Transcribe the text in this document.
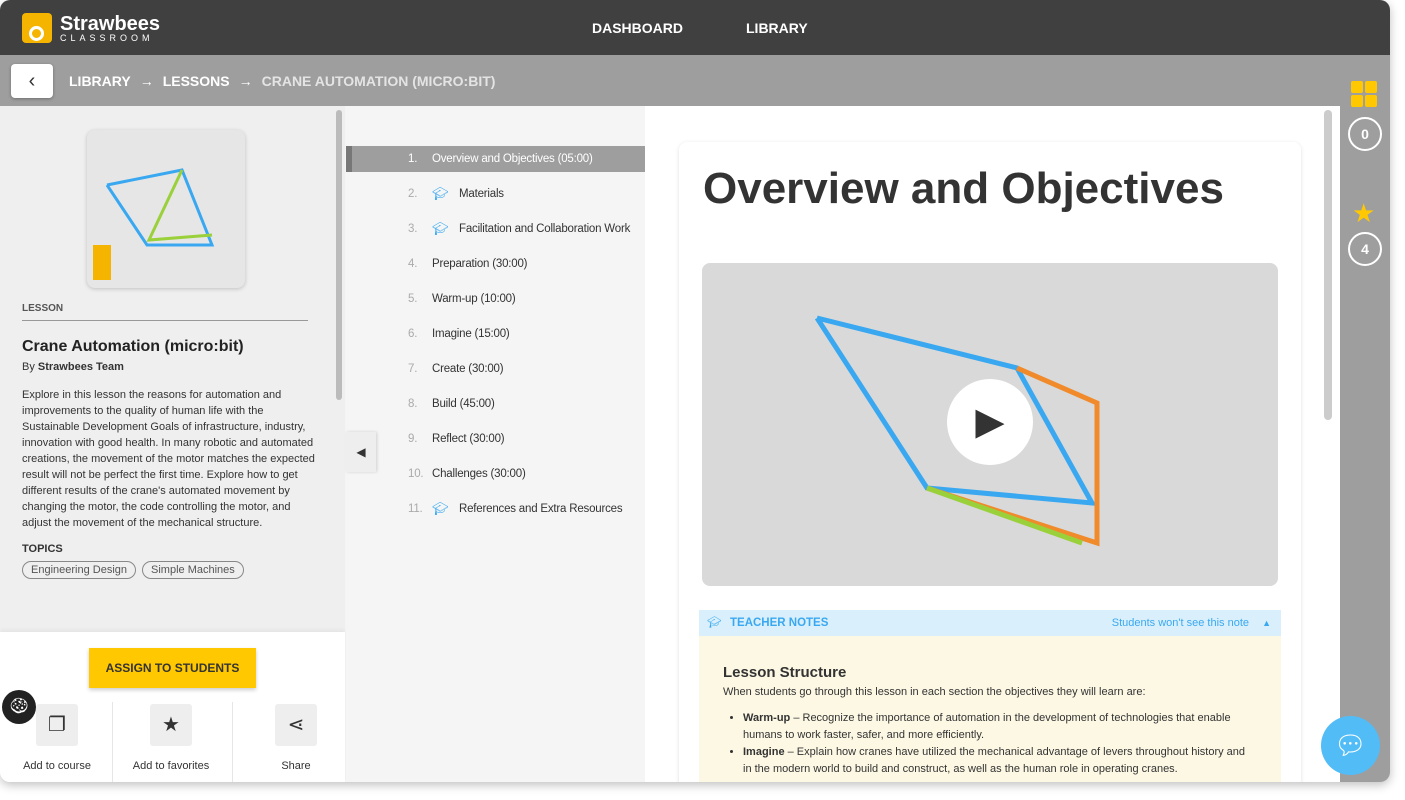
Strawbees
CLASSROOM
DASHBOARD	LIBRARY
‹	LIBRARY → LESSONS → CRANE AUTOMATION (MICRO:BIT)
LESSON
Crane Automation (micro:bit)
By Strawbees Team
Explore in this lesson the reasons for automation and improvements to the quality of human life with the Sustainable Development Goals of infrastructure, industry, innovation with good health. In many robotic and automated creations, the movement of the motor matches the expected result will not be perfect the first time. Explore how to get different results of the crane's automated movement by changing the motor, the code controlling the motor, and adjust the movement of the mechanical structure.
TOPICS
Engineering Design	Simple Machines
ASSIGN TO STUDENTS
❐
Add to course
★
Add to favorites
⋖
Share
1. Overview and Objectives (05:00)
2. 🎓︎ Materials
3. 🎓︎ Facilitation and Collaboration Work
4. Preparation (30:00)
5. Warm-up (10:00)
6. Imagine (15:00)
7. Create (30:00)
8. Build (45:00)
9. Reflect (30:00)
10. Challenges (30:00)
11. 🎓︎ References and Extra Resources
◀
Overview and Objectives
▶
🎓︎ TEACHER NOTES	Students won't see this note ▲
Lesson Structure
When students go through this lesson in each section the objectives they will learn are:
• Warm-up – Recognize the importance of automation in the development of technologies that enable humans to work faster, safer, and more efficiently.
• Imagine – Explain how cranes have utilized the mechanical advantage of levers throughout history and in the modern world to build and construct, as well as the human role in operating cranes.
0
★
4
🍪︎
💬︎
